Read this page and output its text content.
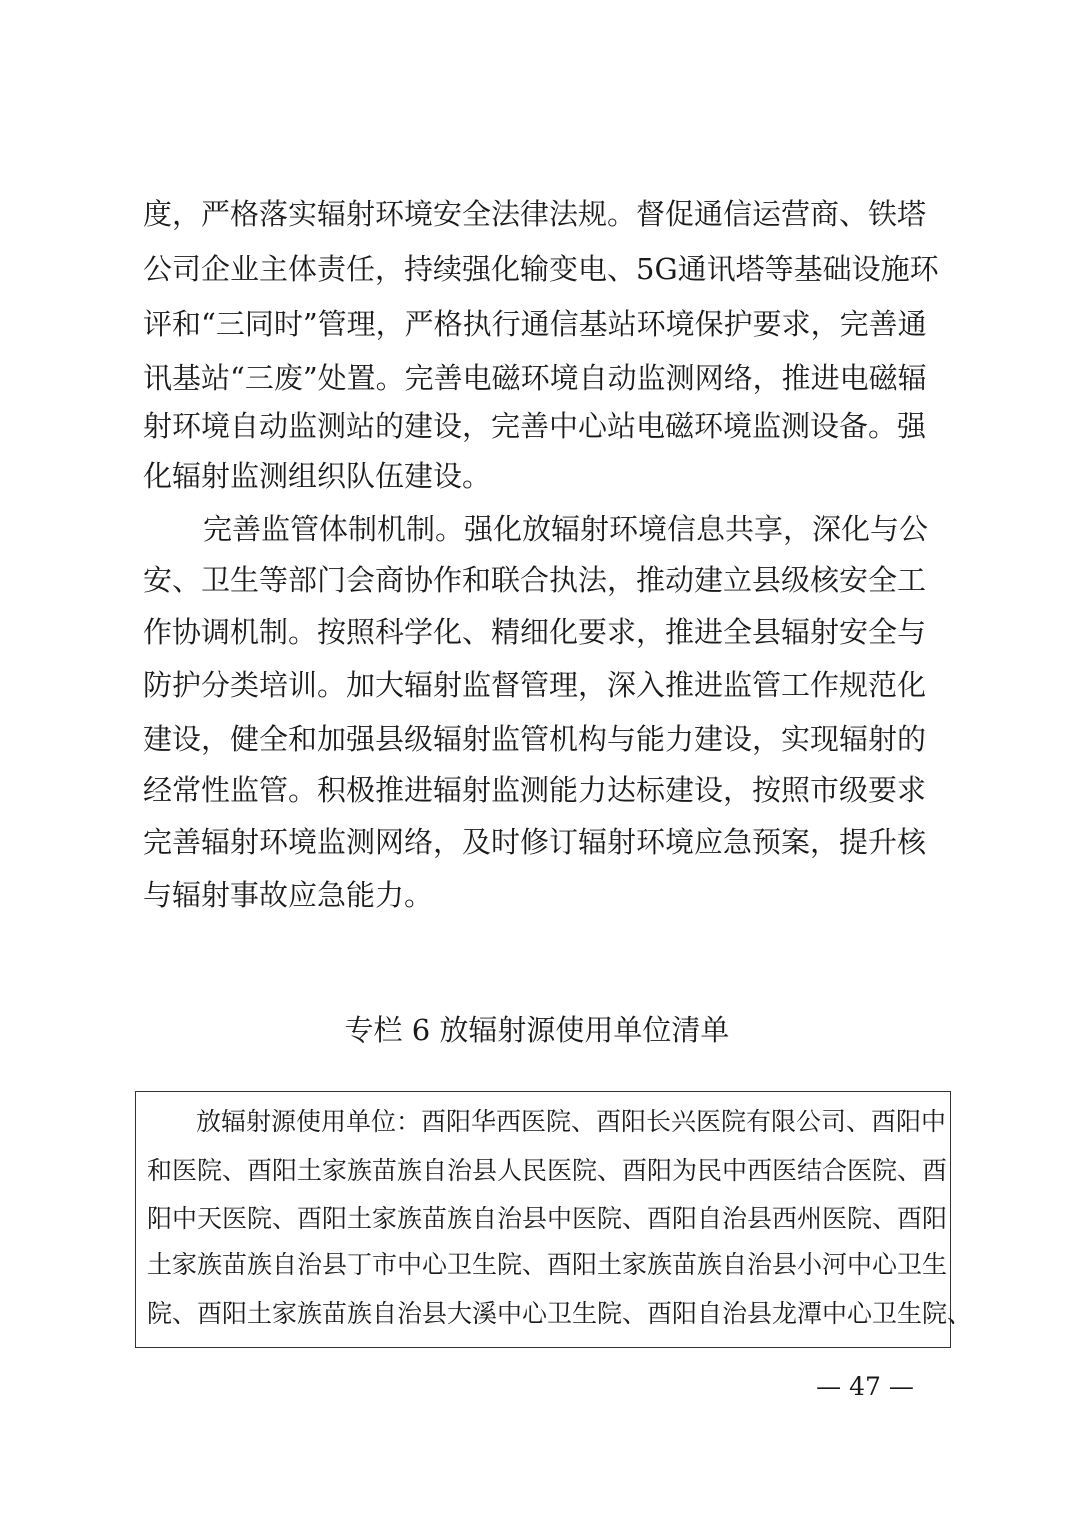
度，严格落实辐射环境安全法律法规。督促通信运营商、铁塔
公司企业主体责任，持续强化输变电、5G通讯塔等基础设施环
评和“三同时”管理，严格执行通信基站环境保护要求，完善通
讯基站“三废”处置。完善电磁环境自动监测网络，推进电磁辐
射环境自动监测站的建设，完善中心站电磁环境监测设备。强
化辐射监测组织队伍建设。
完善监管体制机制。强化放辐射环境信息共享，深化与公
安、卫生等部门会商协作和联合执法，推动建立县级核安全工
作协调机制。按照科学化、精细化要求，推进全县辐射安全与
防护分类培训。加大辐射监督管理，深入推进监管工作规范化
建设，健全和加强县级辐射监管机构与能力建设，实现辐射的
经常性监管。积极推进辐射监测能力达标建设，按照市级要求
完善辐射环境监测网络，及时修订辐射环境应急预案，提升核
与辐射事故应急能力。
专栏 6 放辐射源使用单位清单
放辐射源使用单位：酉阳华西医院、酉阳长兴医院有限公司、酉阳中
和医院、酉阳土家族苗族自治县人民医院、酉阳为民中西医结合医院、酉
阳中天医院、酉阳土家族苗族自治县中医院、酉阳自治县西州医院、酉阳
土家族苗族自治县丁市中心卫生院、酉阳土家族苗族自治县小河中心卫生
院、酉阳土家族苗族自治县大溪中心卫生院、酉阳自治县龙潭中心卫生院、
— 47 —
